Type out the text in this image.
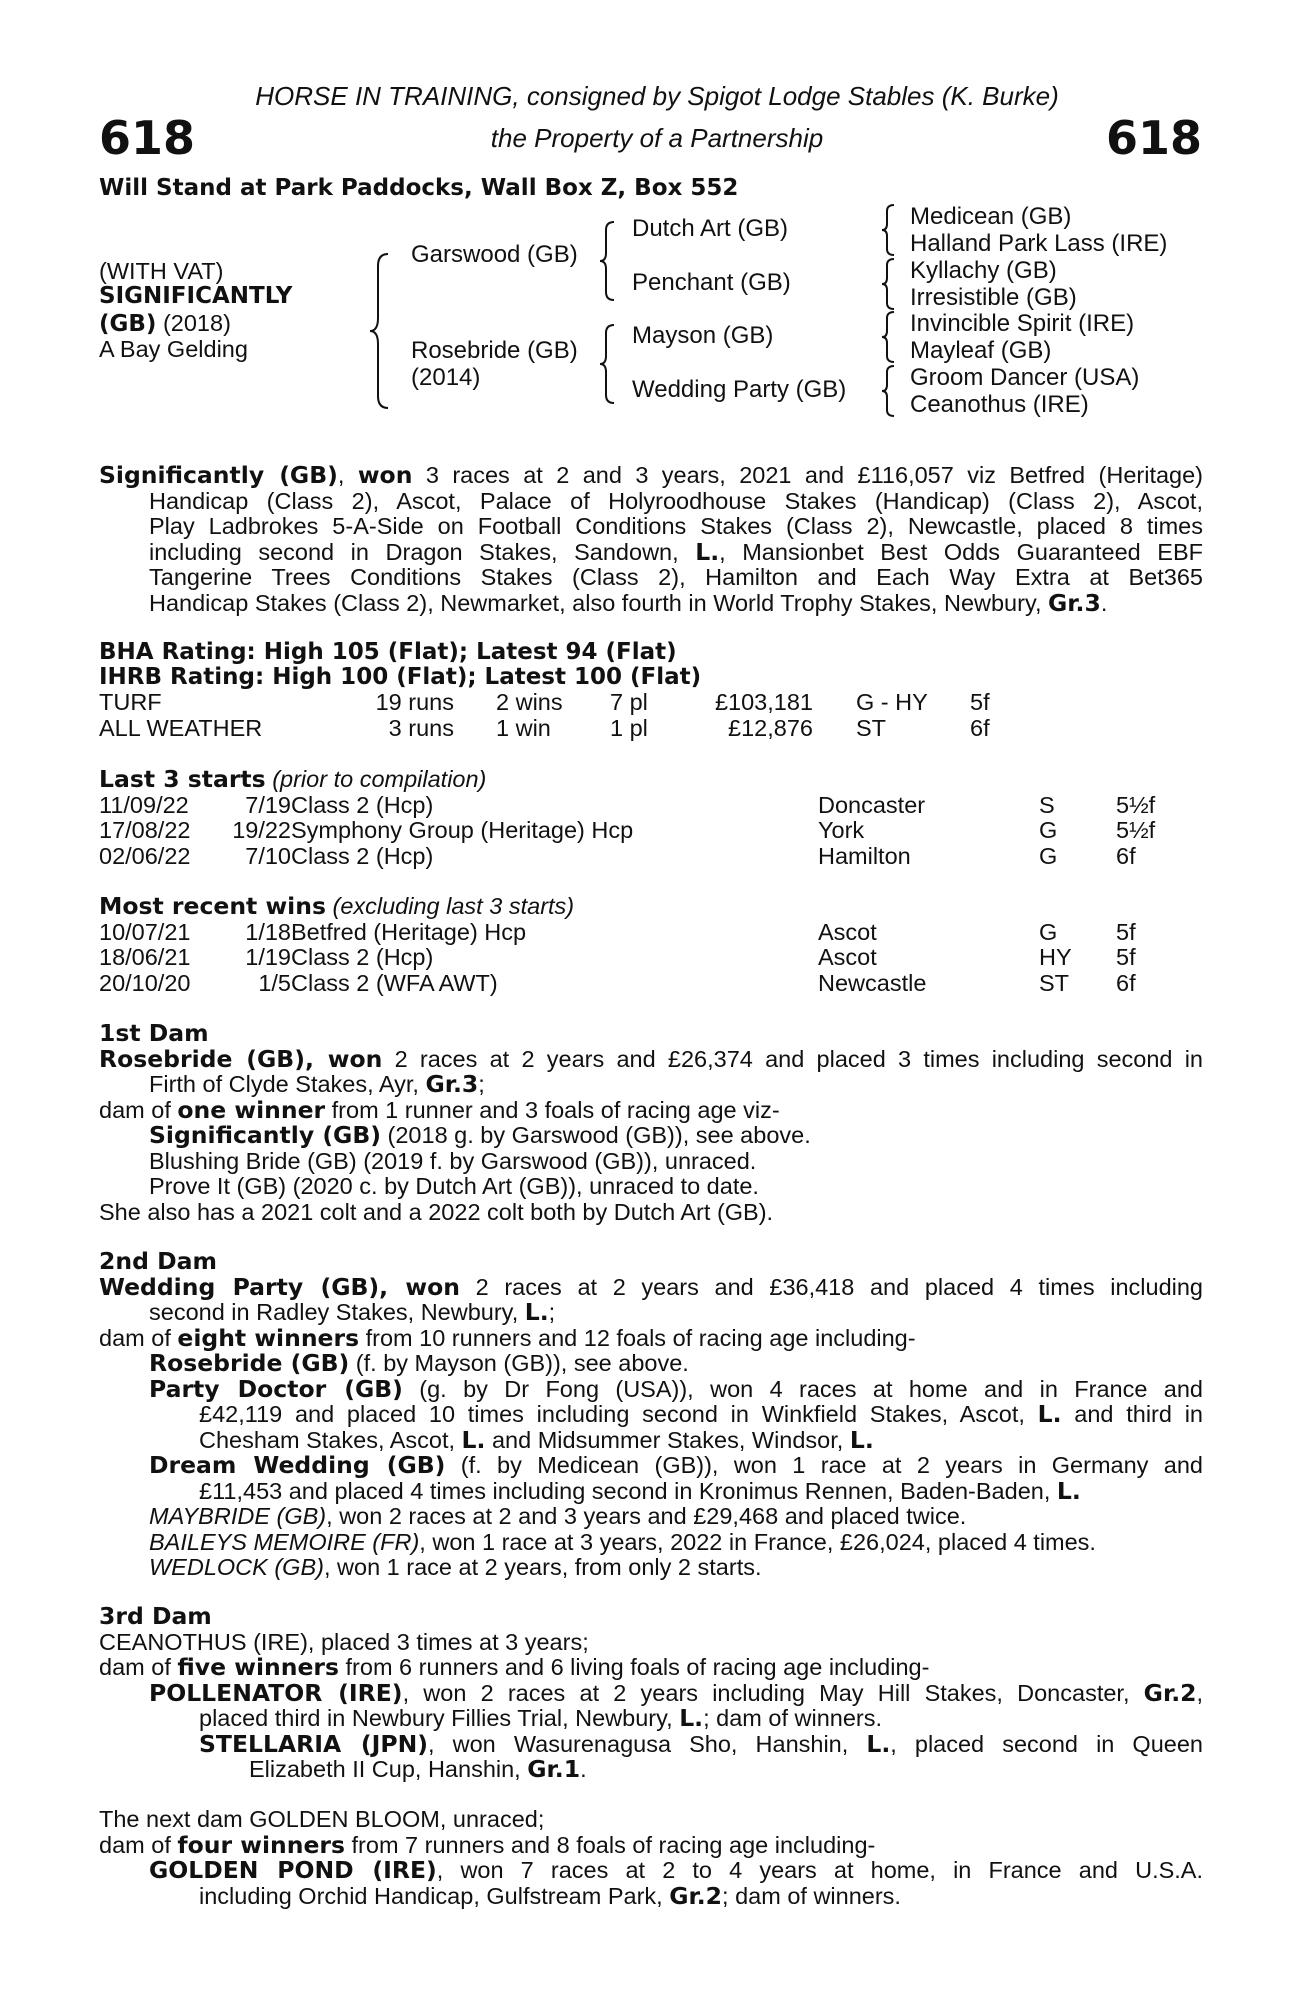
618	618
HORSE IN TRAINING, consigned by Spigot Lodge Stables (K. Burke)
the Property of a Partnership
Will Stand at Park Paddocks, Wall Box Z, Box 552
(WITH VAT)
SIGNIFICANTLY
(GB) (2018)
A Bay Gelding
Garswood (GB)
Rosebride (GB)
(2014)
Dutch Art (GB)
Penchant (GB)
Mayson (GB)
Wedding Party (GB)
Medicean (GB)
Halland Park Lass (IRE)
Kyllachy (GB)
Irresistible (GB)
Invincible Spirit (IRE)
Mayleaf (GB)
Groom Dancer (USA)
Ceanothus (IRE)
Significantly (GB), won 3 races at 2 and 3 years, 2021 and £116,057 viz Betfred (Heritage)
Handicap (Class 2), Ascot, Palace of Holyroodhouse Stakes (Handicap) (Class 2), Ascot,
Play Ladbrokes 5-A-Side on Football Conditions Stakes (Class 2), Newcastle, placed 8 times
including second in Dragon Stakes, Sandown, L., Mansionbet Best Odds Guaranteed EBF
Tangerine Trees Conditions Stakes (Class 2), Hamilton and Each Way Extra at Bet365
Handicap Stakes (Class 2), Newmarket, also fourth in World Trophy Stakes, Newbury, Gr.3.
BHA Rating: High 105 (Flat); Latest 94 (Flat)
IHRB Rating: High 100 (Flat); Latest 100 (Flat)
TURF	19 runs 2 wins 7 pl	£103,181 G - HY 5f
ALL WEATHER	3 runs 1 win	1 pl	£12,876 ST	6f
Last 3 starts (prior to compilation)
11/09/22	7/19 Class 2 (Hcp)	Doncaster	S	5½f
17/08/22	19/22 Symphony Group (Heritage) Hcp	York	G 5½f
02/06/22	7/10 Class 2 (Hcp)	Hamilton	G 6f
Most recent wins (excluding last 3 starts)
10/07/21	1/18 Betfred (Heritage) Hcp	Ascot	G 5f
18/06/21	1/19 Class 2 (Hcp)	Ascot	HY 5f
20/10/20	1/5 Class 2 (WFA AWT)	Newcastle	ST 6f
1st Dam
Rosebride (GB), won 2 races at 2 years and £26,374 and placed 3 times including second in
Firth of Clyde Stakes, Ayr, Gr.3;
dam of one winner from 1 runner and 3 foals of racing age viz-
Significantly (GB) (2018 g. by Garswood (GB)), see above.
Blushing Bride (GB) (2019 f. by Garswood (GB)), unraced.
Prove It (GB) (2020 c. by Dutch Art (GB)), unraced to date.
She also has a 2021 colt and a 2022 colt both by Dutch Art (GB).
2nd Dam
Wedding Party (GB), won 2 races at 2 years and £36,418 and placed 4 times including
second in Radley Stakes, Newbury, L.;
dam of eight winners from 10 runners and 12 foals of racing age including-
Rosebride (GB) (f. by Mayson (GB)), see above.
Party Doctor (GB) (g. by Dr Fong (USA)), won 4 races at home and in France and
£42,119 and placed 10 times including second in Winkfield Stakes, Ascot, L. and third in
Chesham Stakes, Ascot, L. and Midsummer Stakes, Windsor, L.
Dream Wedding (GB) (f. by Medicean (GB)), won 1 race at 2 years in Germany and
£11,453 and placed 4 times including second in Kronimus Rennen, Baden-Baden, L.
MAYBRIDE (GB), won 2 races at 2 and 3 years and £29,468 and placed twice.
BAILEYS MEMOIRE (FR), won 1 race at 3 years, 2022 in France, £26,024, placed 4 times.
WEDLOCK (GB), won 1 race at 2 years, from only 2 starts.
3rd Dam
CEANOTHUS (IRE), placed 3 times at 3 years;
dam of five winners from 6 runners and 6 living foals of racing age including-
POLLENATOR (IRE), won 2 races at 2 years including May Hill Stakes, Doncaster, Gr.2,
placed third in Newbury Fillies Trial, Newbury, L.; dam of winners.
STELLARIA (JPN), won Wasurenagusa Sho, Hanshin, L., placed second in Queen
Elizabeth II Cup, Hanshin, Gr.1.
The next dam GOLDEN BLOOM, unraced;
dam of four winners from 7 runners and 8 foals of racing age including-
GOLDEN POND (IRE), won 7 races at 2 to 4 years at home, in France and U.S.A.
including Orchid Handicap, Gulfstream Park, Gr.2; dam of winners.
